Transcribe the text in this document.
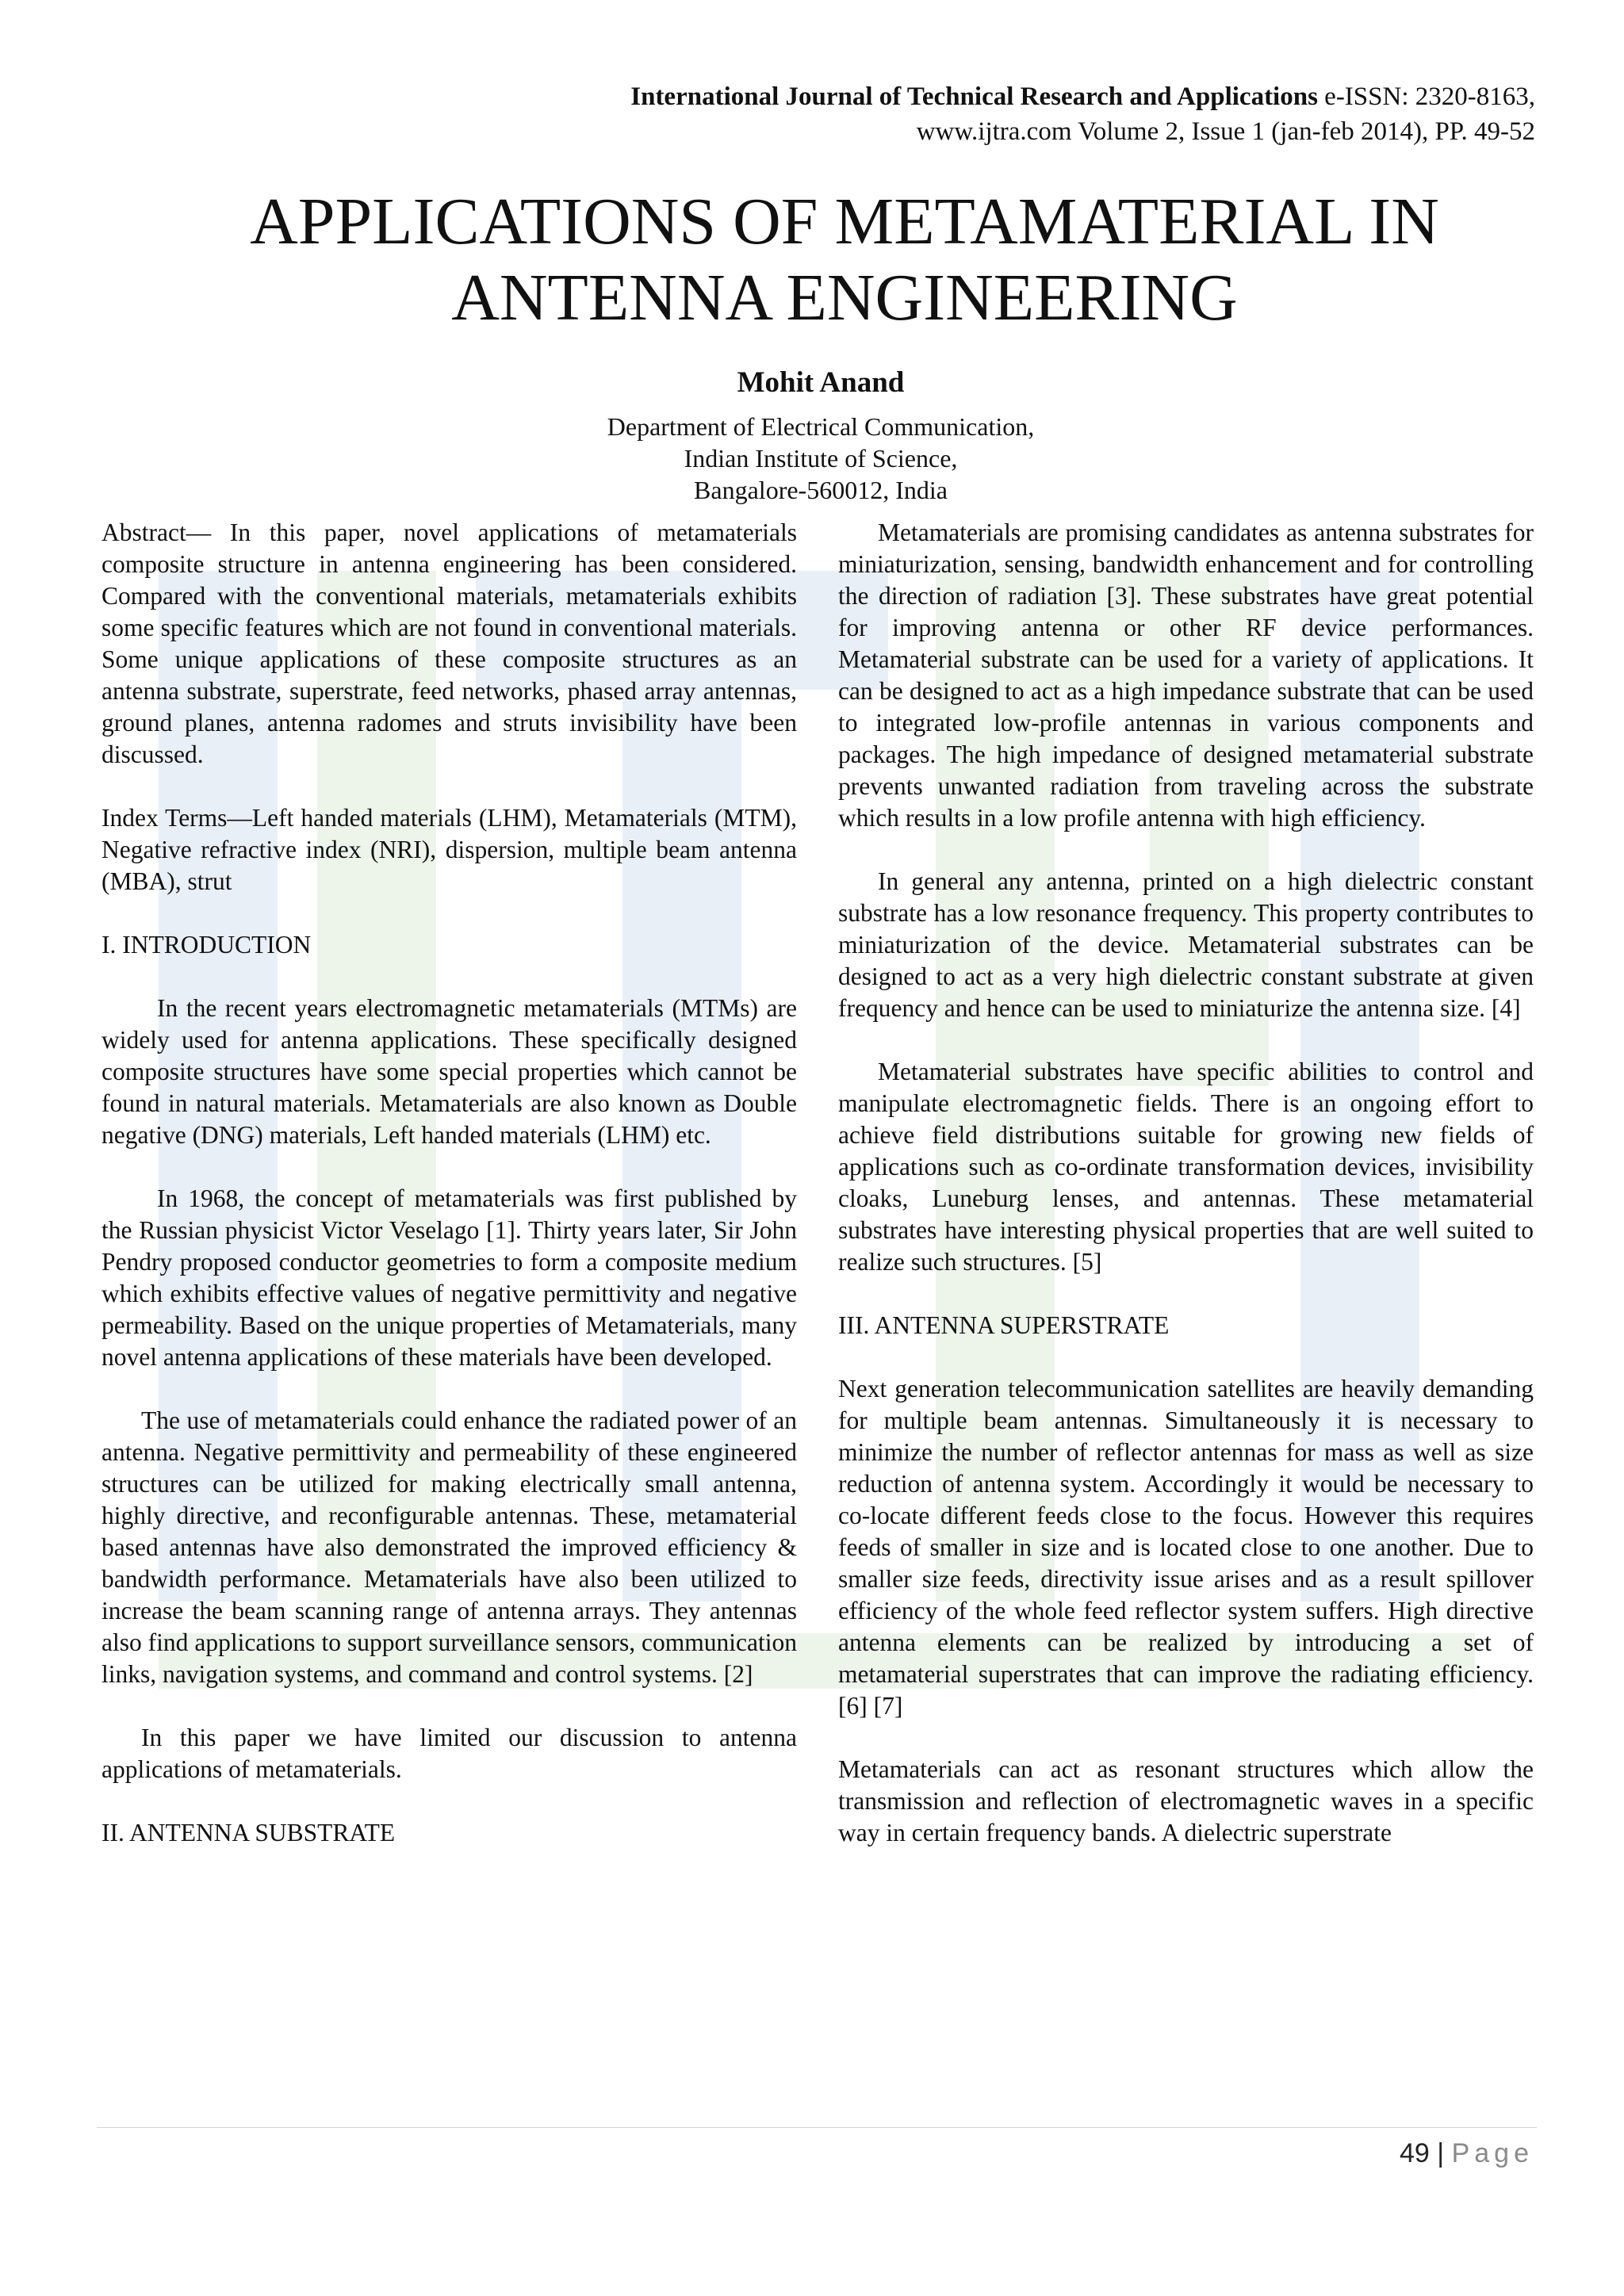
International Journal of Technical Research and Applications e-ISSN: 2320-8163,
www.ijtra.com Volume 2, Issue 1 (jan-feb 2014), PP. 49-52
APPLICATIONS OF METAMATERIAL IN
ANTENNA ENGINEERING
Mohit Anand
Department of Electrical Communication,
Indian Institute of Science,
Bangalore-560012, India

Abstract— In this paper, novel applications of metamaterials composite structure in antenna engineering has been considered. Compared with the conventional materials, metamaterials exhibits some specific features which are not found in conventional materials. Some unique applications of these composite structures as an antenna substrate, superstrate, feed networks, phased array antennas, ground planes, antenna radomes and struts invisibility have been discussed.

Index Terms—Left handed materials (LHM), Metamaterials (MTM), Negative refractive index (NRI), dispersion, multiple beam antenna (MBA), strut

I. INTRODUCTION

In the recent years electromagnetic metamaterials (MTMs) are widely used for antenna applications. These specifically designed composite structures have some special properties which cannot be found in natural materials. Metamaterials are also known as Double negative (DNG) materials, Left handed materials (LHM) etc.

In 1968, the concept of metamaterials was first published by the Russian physicist Victor Veselago [1]. Thirty years later, Sir John Pendry proposed conductor geometries to form a composite medium which exhibits effective values of negative permittivity and negative permeability. Based on the unique properties of Metamaterials, many novel antenna applications of these materials have been developed.

The use of metamaterials could enhance the radiated power of an antenna. Negative permittivity and permeability of these engineered structures can be utilized for making electrically small antenna, highly directive, and reconfigurable antennas. These, metamaterial based antennas have also demonstrated the improved efficiency & bandwidth performance. Metamaterials have also been utilized to increase the beam scanning range of antenna arrays. They antennas also find applications to support surveillance sensors, communication links, navigation systems, and command and control systems. [2]

In this paper we have limited our discussion to antenna applications of metamaterials.

II. ANTENNA SUBSTRATE

Metamaterials are promising candidates as antenna substrates for miniaturization, sensing, bandwidth enhancement and for controlling the direction of radiation [3]. These substrates have great potential for improving antenna or other RF device performances. Metamaterial substrate can be used for a variety of applications. It can be designed to act as a high impedance substrate that can be used to integrated low-profile antennas in various components and packages. The high impedance of designed metamaterial substrate prevents unwanted radiation from traveling across the substrate which results in a low profile antenna with high efficiency.

In general any antenna, printed on a high dielectric constant substrate has a low resonance frequency. This property contributes to miniaturization of the device. Metamaterial substrates can be designed to act as a very high dielectric constant substrate at given frequency and hence can be used to miniaturize the antenna size. [4]

Metamaterial substrates have specific abilities to control and manipulate electromagnetic fields. There is an ongoing effort to achieve field distributions suitable for growing new fields of applications such as co-ordinate transformation devices, invisibility cloaks, Luneburg lenses, and antennas. These metamaterial substrates have interesting physical properties that are well suited to realize such structures. [5]

III. ANTENNA SUPERSTRATE

Next generation telecommunication satellites are heavily demanding for multiple beam antennas. Simultaneously it is necessary to minimize the number of reflector antennas for mass as well as size reduction of antenna system. Accordingly it would be necessary to co-locate different feeds close to the focus. However this requires feeds of smaller in size and is located close to one another. Due to smaller size feeds, directivity issue arises and as a result spillover efficiency of the whole feed reflector system suffers. High directive antenna elements can be realized by introducing a set of metamaterial superstrates that can improve the radiating efficiency. [6] [7]

Metamaterials can act as resonant structures which allow the transmission and reflection of electromagnetic waves in a specific way in certain frequency bands. A dielectric superstrate

49 | Page
